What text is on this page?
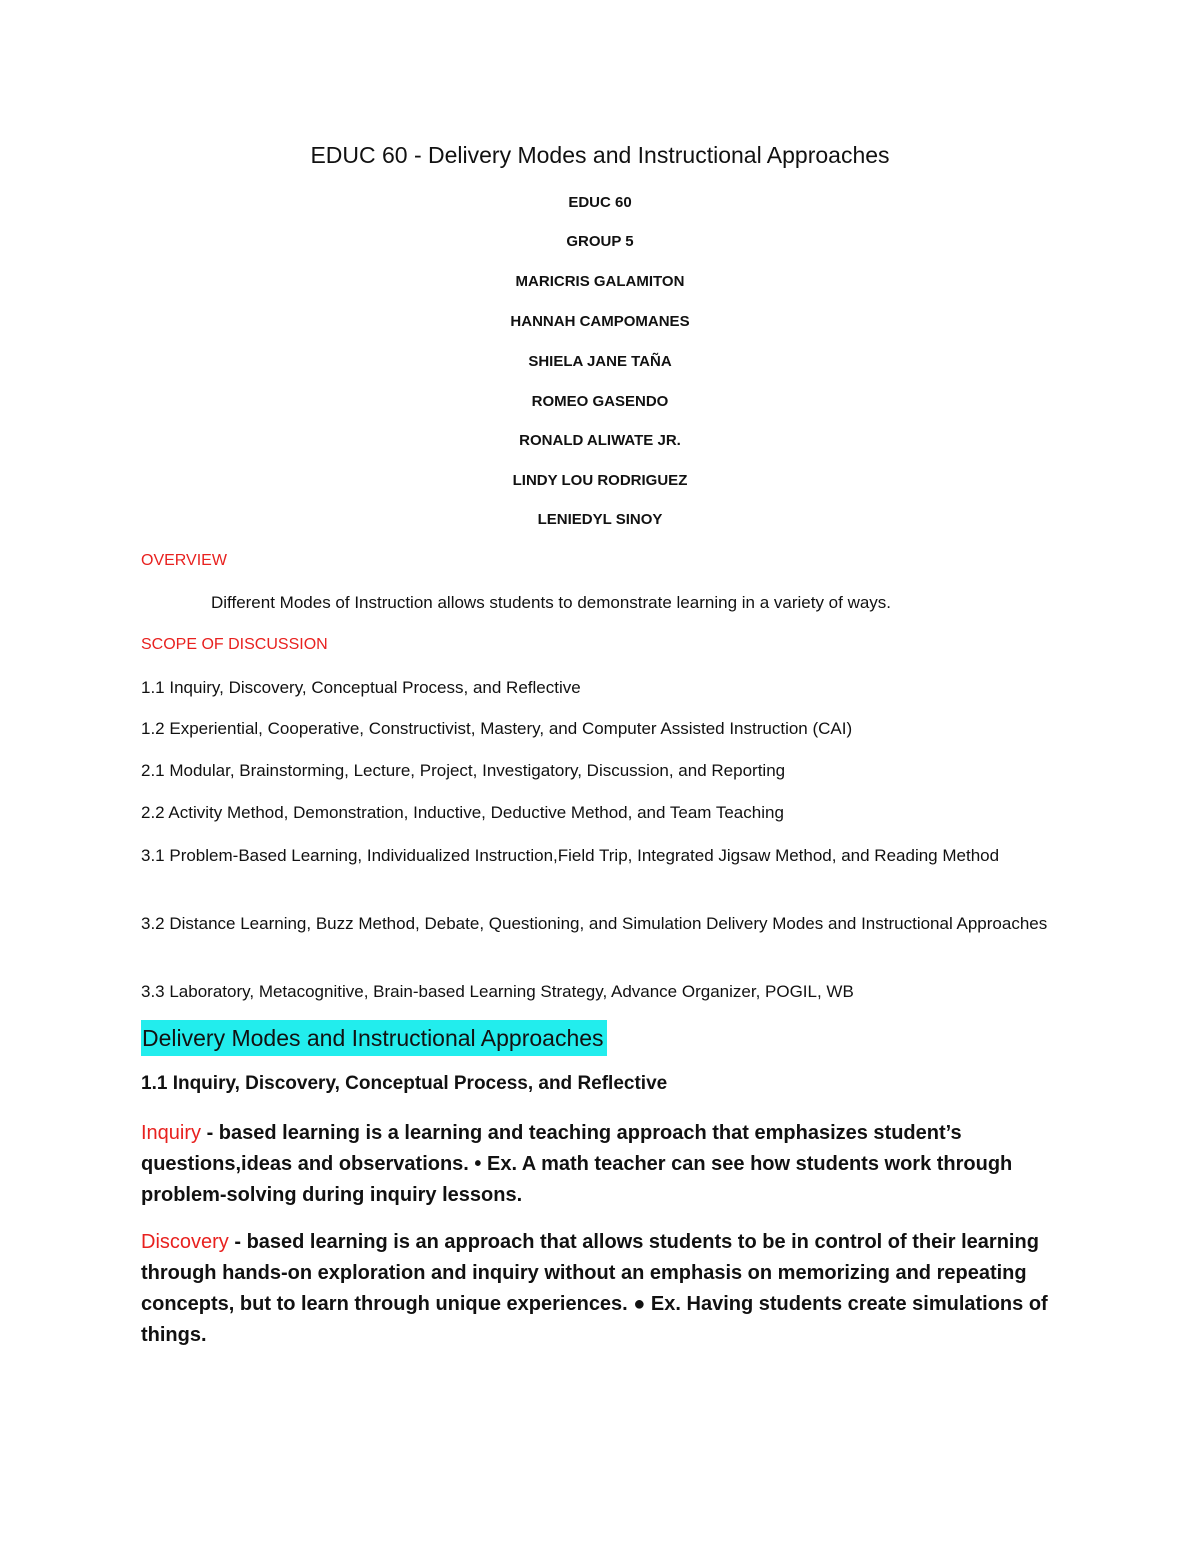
EDUC 60 - Delivery Modes and Instructional Approaches
EDUC 60
GROUP 5
MARICRIS GALAMITON
HANNAH CAMPOMANES
SHIELA JANE TAÑA
ROMEO GASENDO
RONALD ALIWATE JR.
LINDY LOU RODRIGUEZ
LENIEDYL SINOY
OVERVIEW
Different Modes of Instruction allows students to demonstrate learning in a variety of ways.
SCOPE OF DISCUSSION
1.1 Inquiry, Discovery, Conceptual Process, and Reflective
1.2 Experiential, Cooperative, Constructivist, Mastery, and Computer Assisted Instruction (CAI)
2.1 Modular, Brainstorming, Lecture, Project, Investigatory, Discussion, and Reporting
2.2 Activity Method, Demonstration, Inductive, Deductive Method, and Team Teaching
3.1 Problem-Based Learning, Individualized Instruction,Field Trip, Integrated Jigsaw Method, and Reading Method
3.2 Distance Learning, Buzz Method, Debate, Questioning, and Simulation Delivery Modes and Instructional Approaches
3.3 Laboratory, Metacognitive, Brain-based Learning Strategy, Advance Organizer, POGIL, WB
Delivery Modes and Instructional Approaches
1.1 Inquiry, Discovery, Conceptual Process, and Reflective
Inquiry - based learning is a learning and teaching approach that emphasizes student’s questions,ideas and observations. • Ex. A math teacher can see how students work through problem-solving during inquiry lessons.
Discovery - based learning is an approach that allows students to be in control of their learning through hands-on exploration and inquiry without an emphasis on memorizing and repeating concepts, but to learn through unique experiences. ● Ex. Having students create simulations of things.
